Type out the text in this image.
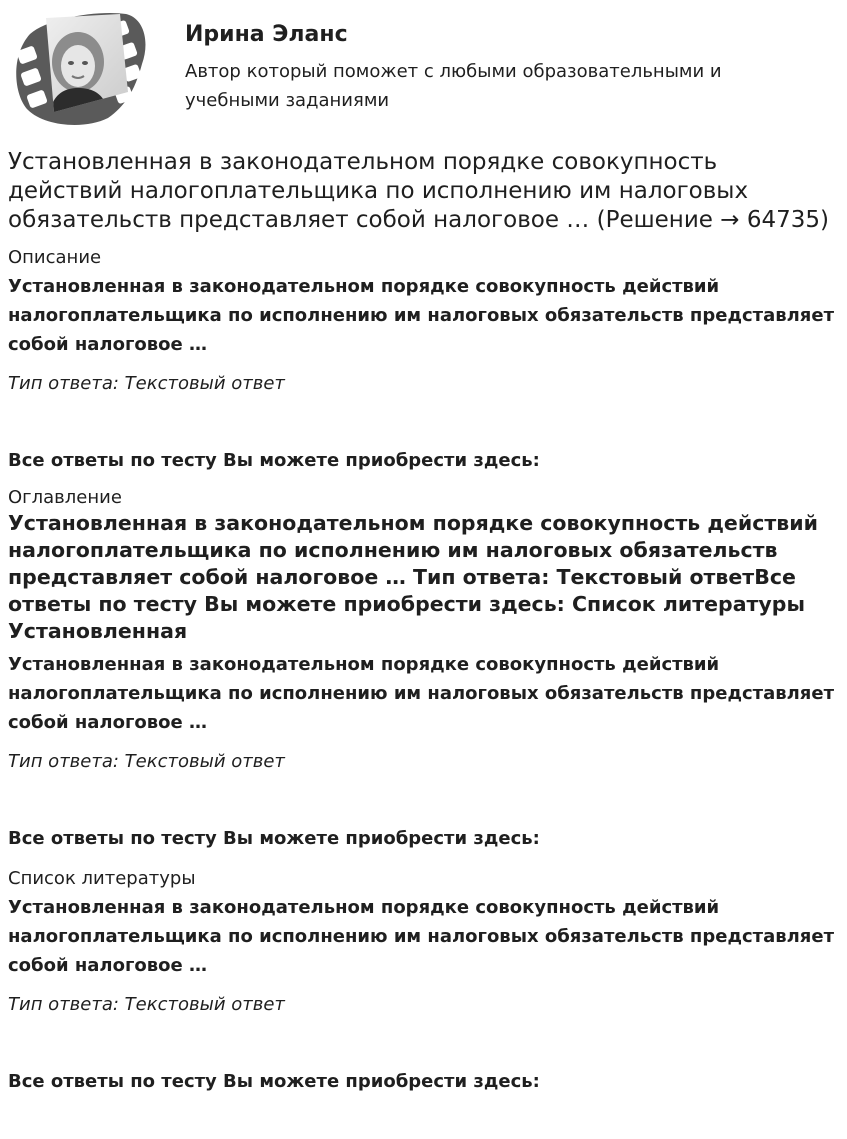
Ирина Эланс
Автор который поможет с любыми образовательными и учебными заданиями
Установленная в законодательном порядке совокупность действий налогоплательщика по исполнению им налоговых обязательств представляет собой налоговое … (Решение → 64735)
Описание
Установленная в законодательном порядке совокупность действий налогоплательщика по исполнению им налоговых обязательств представляет собой налоговое …
Тип ответа: Текстовый ответ
Все ответы по тесту Вы можете приобрести здесь:
Оглавление
Установленная в законодательном порядке совокупность действий налогоплательщика по исполнению им налоговых обязательств представляет собой налоговое … Тип ответа: Текстовый ответВсе ответы по тесту Вы можете приобрести здесь: Список литературы Установленная
Установленная в законодательном порядке совокупность действий налогоплательщика по исполнению им налоговых обязательств представляет собой налоговое …
Тип ответа: Текстовый ответ
Все ответы по тесту Вы можете приобрести здесь:
Список литературы
Установленная в законодательном порядке совокупность действий налогоплательщика по исполнению им налоговых обязательств представляет собой налоговое …
Тип ответа: Текстовый ответ
Все ответы по тесту Вы можете приобрести здесь:
